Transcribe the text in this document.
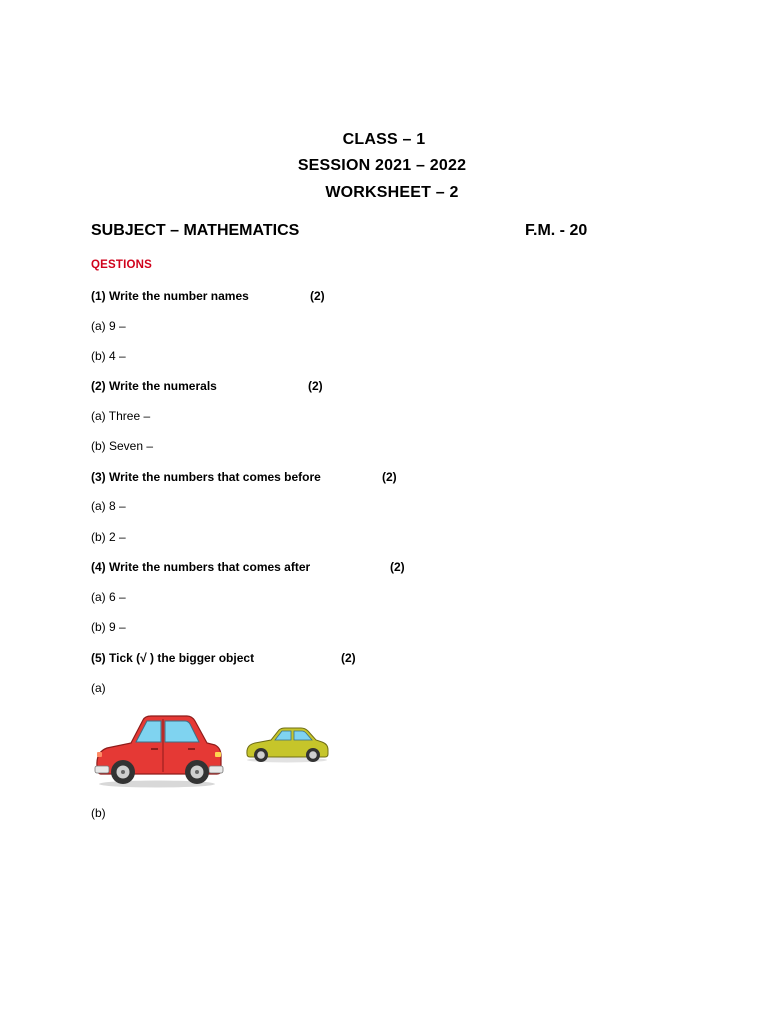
CLASS – 1
SESSION 2021 – 2022
WORKSHEET – 2
SUBJECT – MATHEMATICS	F.M. - 20
QESTIONS
(1) Write the number names	(2)
(a) 9 –
(b) 4 –
(2) Write the numerals	(2)
(a) Three –
(b) Seven –
(3) Write the numbers that comes before	(2)
(a) 8 –
(b) 2 –
(4) Write the numbers that comes after	(2)
(a) 6 –
(b) 9 –
(5) Tick (√ ) the bigger object	(2)
(a)
(b)
